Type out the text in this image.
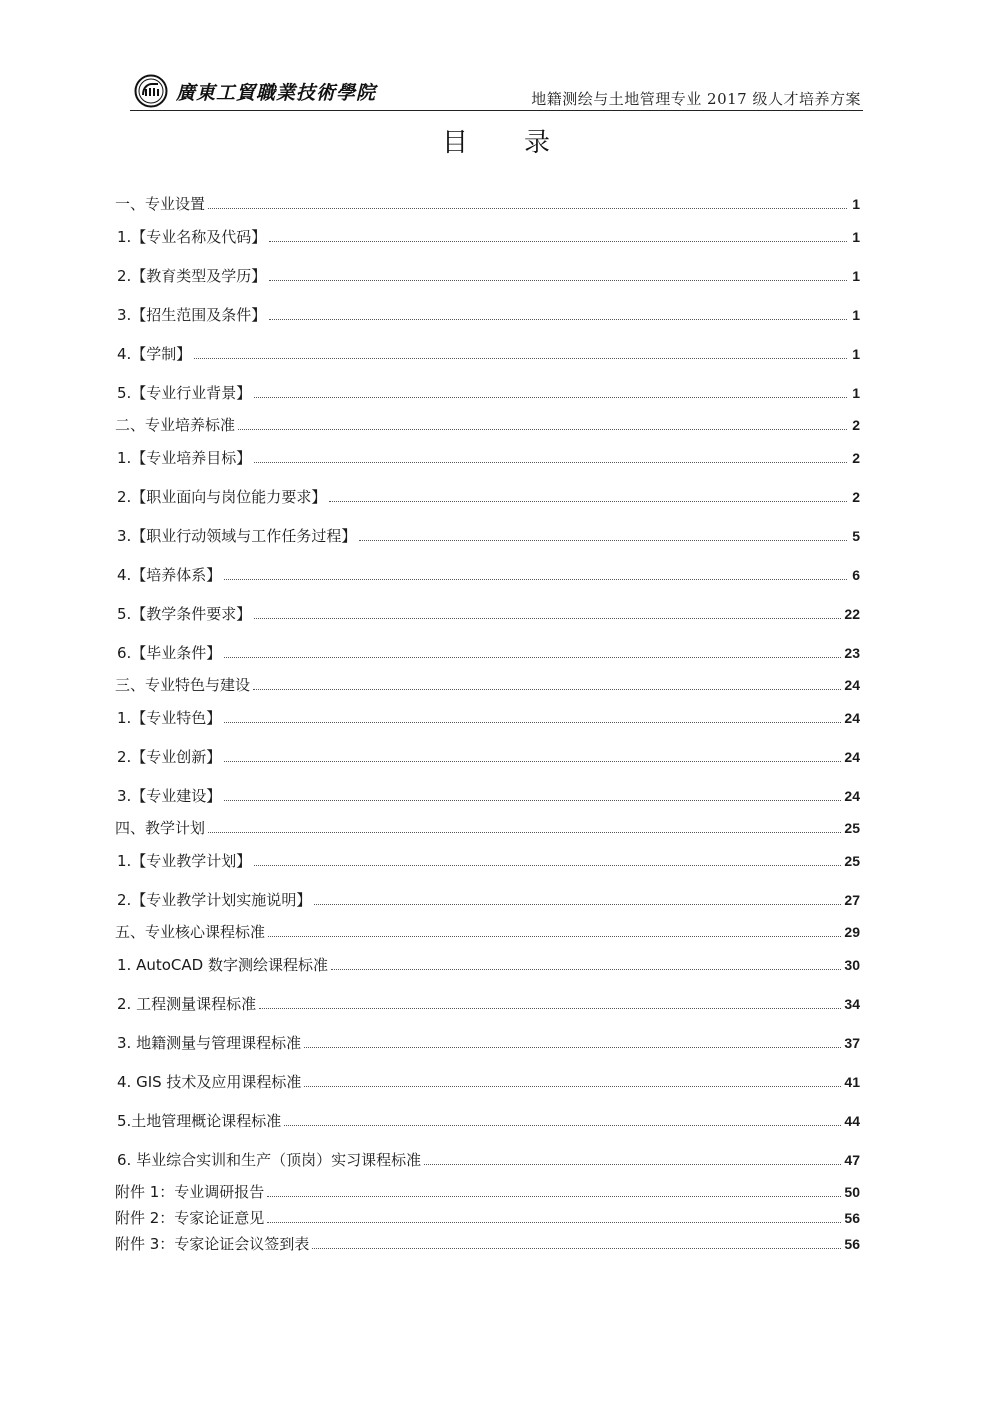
廣東工貿職業技術學院	地籍测绘与土地管理专业 2017 级人才培养方案
目录
一、专业设置	1
1.【专业名称及代码】	1
2.【教育类型及学历】	1
3.【招生范围及条件】	1
4.【学制】	1
5.【专业行业背景】	1
二、专业培养标准	2
1.【专业培养目标】	2
2.【职业面向与岗位能力要求】	2
3.【职业行动领域与工作任务过程】	5
4.【培养体系】	6
5.【教学条件要求】	22
6.【毕业条件】	23
三、专业特色与建设	24
1.【专业特色】	24
2.【专业创新】	24
3.【专业建设】	24
四、教学计划	25
1.【专业教学计划】	25
2.【专业教学计划实施说明】	27
五、专业核心课程标准	29
1. AutoCAD 数字测绘课程标准	30
2. 工程测量课程标准	34
3. 地籍测量与管理课程标准	37
4. GIS 技术及应用课程标准	41
5.土地管理概论课程标准	44
6. 毕业综合实训和生产（顶岗）实习课程标准	47
附件 1：专业调研报告	50
附件 2：专家论证意见	56
附件 3：专家论证会议签到表	56
